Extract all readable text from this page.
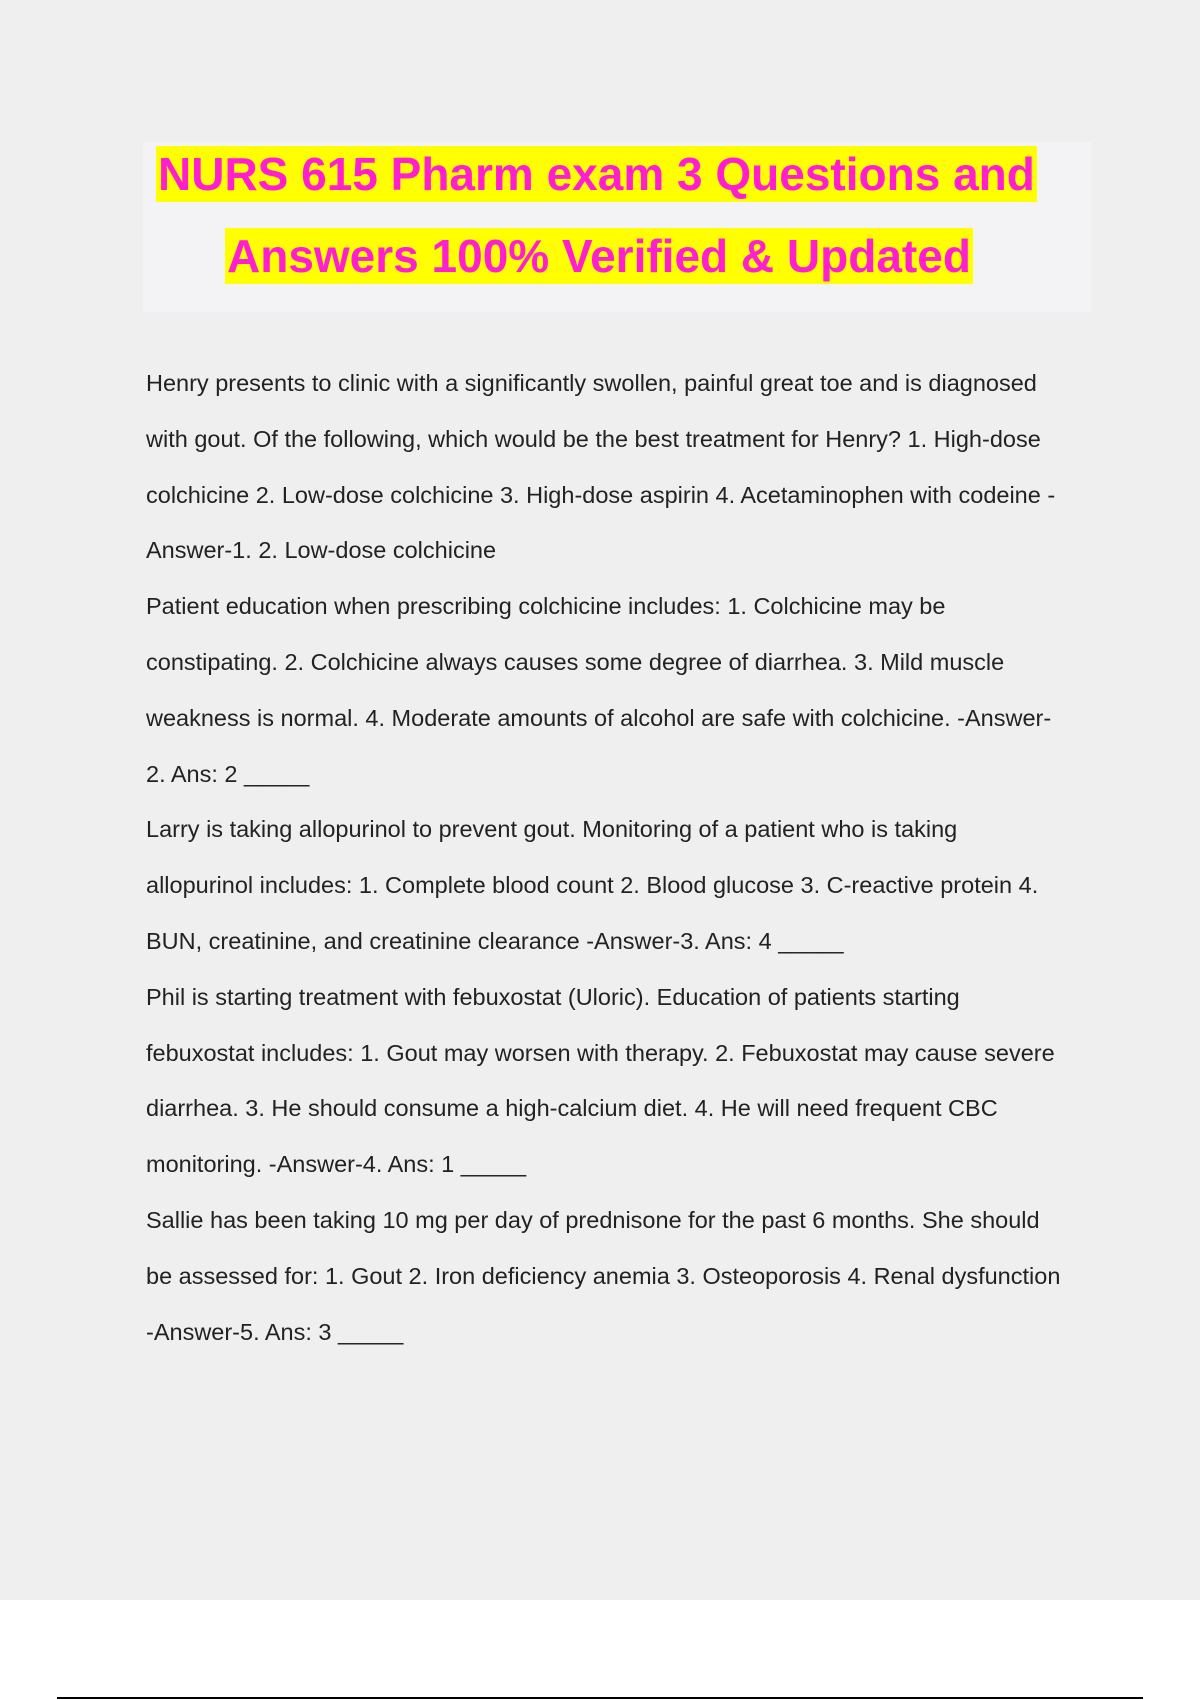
NURS 615 Pharm exam 3 Questions and
Answers 100% Verified & Updated
Henry presents to clinic with a significantly swollen, painful great toe and is diagnosed
with gout. Of the following, which would be the best treatment for Henry? 1. High-dose
colchicine 2. Low-dose colchicine 3. High-dose aspirin 4. Acetaminophen with codeine -
Answer-1. 2. Low-dose colchicine
Patient education when prescribing colchicine includes: 1. Colchicine may be
constipating. 2. Colchicine always causes some degree of diarrhea. 3. Mild muscle
weakness is normal. 4. Moderate amounts of alcohol are safe with colchicine. -Answer-
2. Ans: 2 _____
Larry is taking allopurinol to prevent gout. Monitoring of a patient who is taking
allopurinol includes: 1. Complete blood count 2. Blood glucose 3. C-reactive protein 4.
BUN, creatinine, and creatinine clearance -Answer-3. Ans: 4 _____
Phil is starting treatment with febuxostat (Uloric). Education of patients starting
febuxostat includes: 1. Gout may worsen with therapy. 2. Febuxostat may cause severe
diarrhea. 3. He should consume a high-calcium diet. 4. He will need frequent CBC
monitoring. -Answer-4. Ans: 1 _____
Sallie has been taking 10 mg per day of prednisone for the past 6 months. She should
be assessed for: 1. Gout 2. Iron deficiency anemia 3. Osteoporosis 4. Renal dysfunction
-Answer-5. Ans: 3 _____
